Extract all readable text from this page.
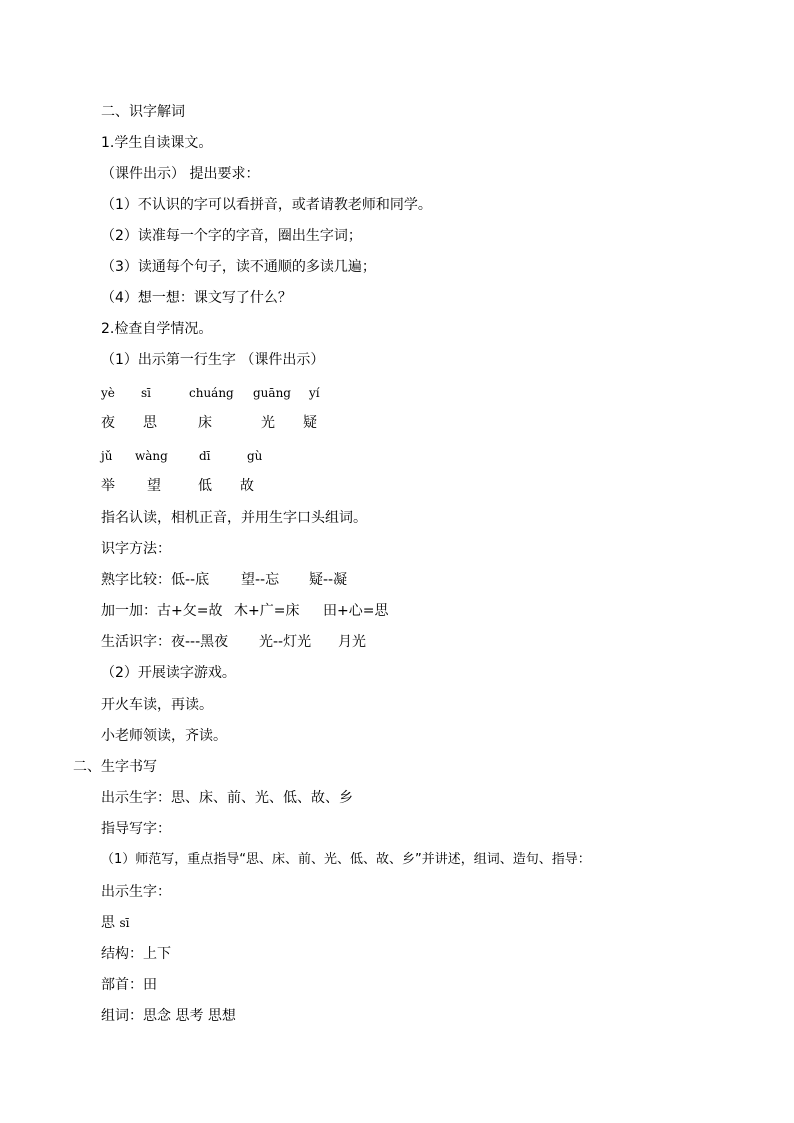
二、识字解词
1.学生自读课文。
（课件出示） 提出要求：
（1）不认识的字可以看拼音，或者请教老师和同学。
（2）读准每一个字的字音，圈出生字词；
（3）读通每个句子，读不通顺的多读几遍；
（4）想一想：课文写了什么？
2.检查自学情况。
（1）出示第一行生字 （课件出示）
yè sī	chuáng guāng yí
夜 思	床	光 疑
jǔ wàng	dī	gù
举 望	低 故
指名认读，相机正音，并用生字口头组词。
识字方法：
熟字比较： 低--底 望--忘 疑--凝
加一加： 古+攵=故 木+广=床 田+心=思
生活识字： 夜---黑夜 光--灯光 月光
（2）开展读字游戏。
开火车读，再读。
小老师领读，齐读。
二、生字书写
出示生字：思、床、前、光、低、故、乡
指导写字：
（1）师范写，重点指导“思、床、前、光、低、故、乡”并讲述，组词、造句、指导：
出示生字：
思 sī
结构：上下
部首：田
组词：思念 思考 思想
